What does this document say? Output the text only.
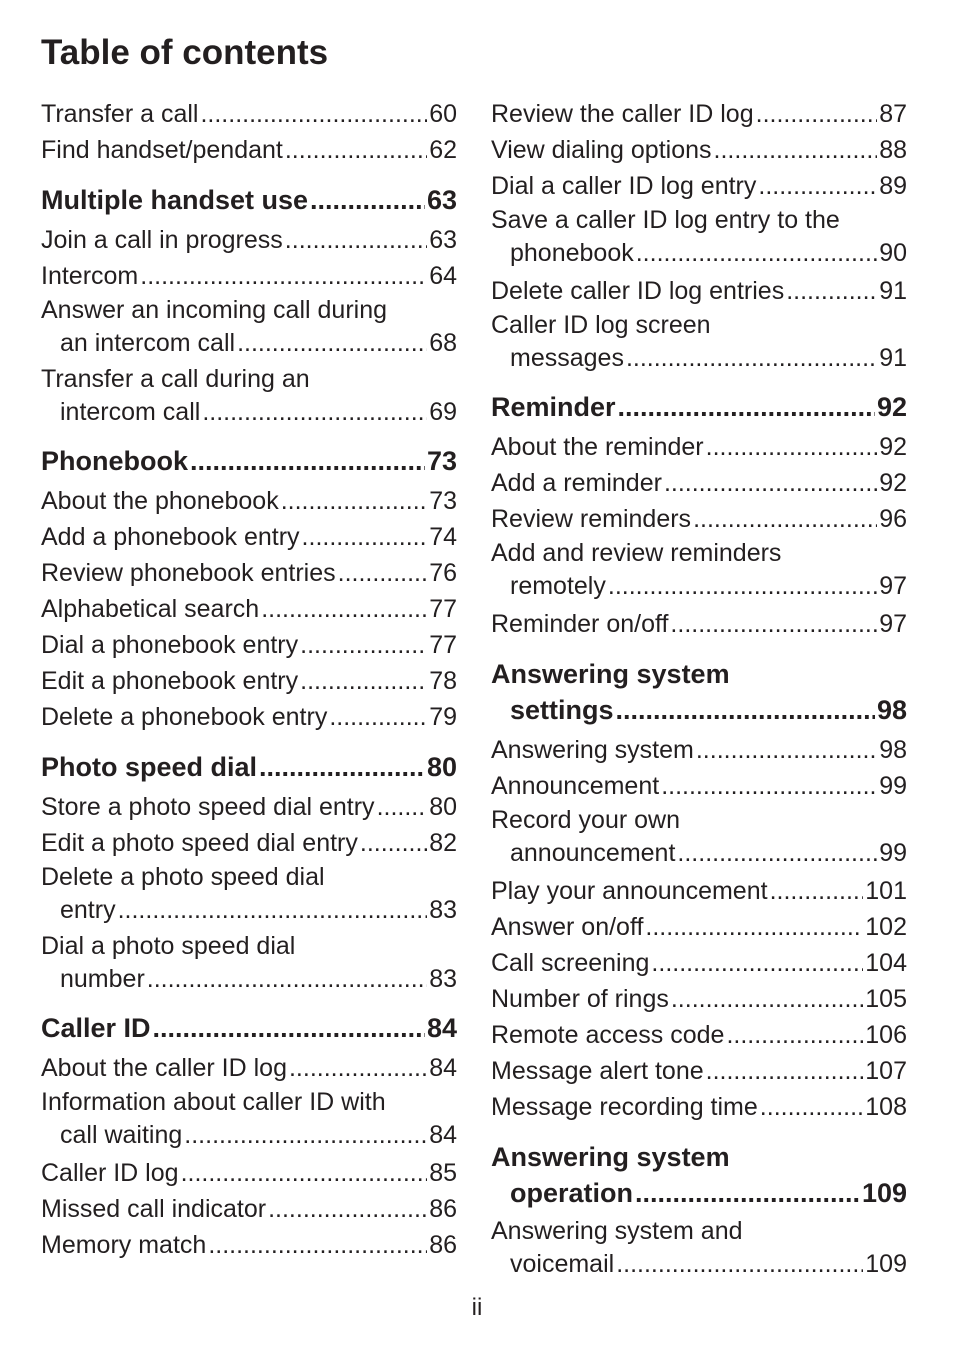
Table of contents
Transfer a call .....	60
Find handset/pendant .....	62
Multiple handset use .....	63
Join a call in progress .....	63
Intercom .....	64
Answer an incoming call during
an intercom call .....	68
Transfer a call during an
intercom call .....	69
Phonebook .....	73
About the phonebook .....	73
Add a phonebook entry .....	74
Review phonebook entries .....	76
Alphabetical search .....	77
Dial a phonebook entry .....	77
Edit a phonebook entry .....	78
Delete a phonebook entry .....	79
Photo speed dial .....	80
Store a photo speed dial entry ..... 80
Edit a photo speed dial entry .....	82
Delete a photo speed dial
entry .....	83
Dial a photo speed dial
number .....	83
Caller ID .....	84
About the caller ID log .....	84
Information about caller ID with
call waiting .....	84
Caller ID log .....	85
Missed call indicator .....	86
Memory match .....	86
Review the caller ID log .....	87
View dialing options .....	88
Dial a caller ID log entry .....	89
Save a caller ID log entry to the
phonebook .....	90
Delete caller ID log entries .....	91
Caller ID log screen
messages .....	91
Reminder .....	92
About the reminder .....	92
Add a reminder .....	92
Review reminders .....	96
Add and review reminders
remotely .....	97
Reminder on/off .....	97
Answering system
settings .....	98
Answering system .....	98
Announcement .....	99
Record your own
announcement .....	99
Play your announcement .....	101
Answer on/off .....	102
Call screening .....	104
Number of rings .....	105
Remote access code .....	106
Message alert tone .....	107
Message recording time .....	108
Answering system
operation .....	109
Answering system and
voicemail .....	109
ii
